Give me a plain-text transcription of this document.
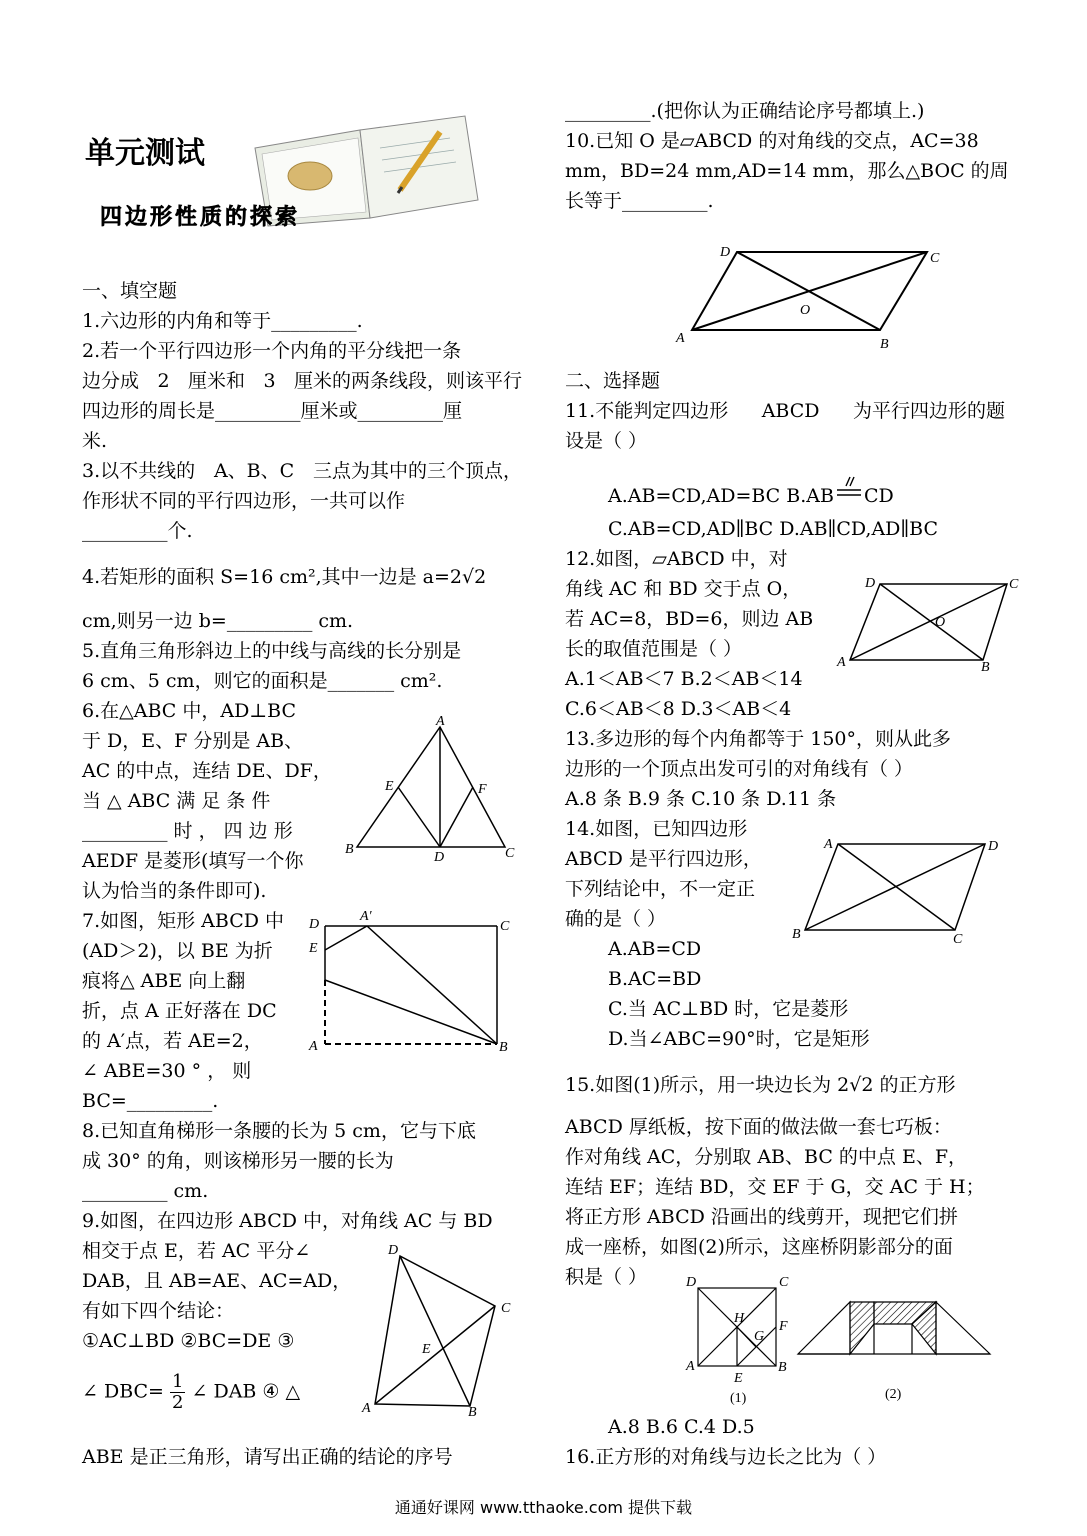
单元测试
四边形性质的探索
一、填空题
1.六边形的内角和等于_________.
2.若一个平行四边形一个内角的平分线把一条
边分成 2 厘米和 3 厘米的两条线段，则该平行
四边形的周长是_________厘米或_________厘
米.
3.以不共线的 A、B、C 三点为其中的三个顶点，
作形状不同的平行四边形，一共可以作
_________个.
4.若矩形的面积 S=16 cm²,其中一边是 a=2√2
cm,则另一边 b=_________ cm.
5.直角三角形斜边上的中线与高线的长分别是
6 cm、5 cm，则它的面积是_______ cm².
6.在△ABC 中，AD⊥BC
于 D，E、F 分别是 AB、
AC 的中点，连结 DE、DF，
当 △ ABC 满 足 条 件
_________ 时 ， 四 边 形
AEDF 是菱形(填写一个你
认为恰当的条件即可).
7.如图，矩形 ABCD 中
(AD＞2)，以 BE 为折
痕将△ ABE 向上翻
折，点 A 正好落在 DC
的 A′点，若 AE=2，
∠ ABE=30 ° ， 则
BC=_________.
8.已知直角梯形一条腰的长为 5 cm，它与下底
成 30° 的角，则该梯形另一腰的长为
_________ cm.
9.如图，在四边形 ABCD 中，对角线 AC 与 BD
相交于点 E，若 AC 平分∠
DAB，且 AB=AE、AC=AD，
有如下四个结论：
①AC⊥BD ②BC=DE ③
∠ $DBC= \frac{1}{2}$ ∠ DAB ④ △
ABE 是正三角形，请写出正确的结论的序号
A
E	F
B
D	C
D
A′
C
E
A	B
D
C
E
A	B
_________.(把你认为正确结论序号都填上.)
10.已知 O 是▱ABCD 的对角线的交点，AC=38
mm，BD=24 mm,AD=14 mm，那么△BOC 的周
长等于_________.
D	C
O
A	B
二、选择题
11.不能判定四边形 ABCD 为平行四边形的题
设是（ ）
A.AB=CD,AD=BC B.AB CD
C.AB=CD,AD∥BC D.AB∥CD,AD∥BC
12.如图，▱ABCD 中，对
角线 AC 和 BD 交于点 O，
若 AC=8，BD=6，则边 AB
长的取值范围是（ ）
A.1＜AB＜7 B.2＜AB＜14
C.6＜AB＜8 D.3＜AB＜4
D	C
O
A	B
13.多边形的每个内角都等于 150°，则从此多
边形的一个顶点出发可引的对角线有（ ）
A.8 条 B.9 条 C.10 条 D.11 条
14.如图，已知四边形
ABCD 是平行四边形，
下列结论中，不一定正
确的是（ ）
A.AB=CD
B.AC=BD
C.当 AC⊥BD 时，它是菱形
D.当∠ABC=90°时，它是矩形
A	D
B	C
15.如图(1)所示，用一块边长为 2√2 的正方形
ABCD 厚纸板，按下面的做法做一套七巧板：
作对角线 AC，分别取 AB、BC 的中点 E、F，
连结 EF；连结 BD，交 EF 于 G，交 AC 于 H；
将正方形 ABCD 沿画出的线剪开，现把它们拼
成一座桥，如图(2)所示，这座桥阴影部分的面
积是（ ）	D	C
H
G
F
A
E
B
(1)	(2)
A.8 B.6 C.4 D.5
16.正方形的对角线与边长之比为（ ）
通通好课网 www.tthaoke.com 提供下载
